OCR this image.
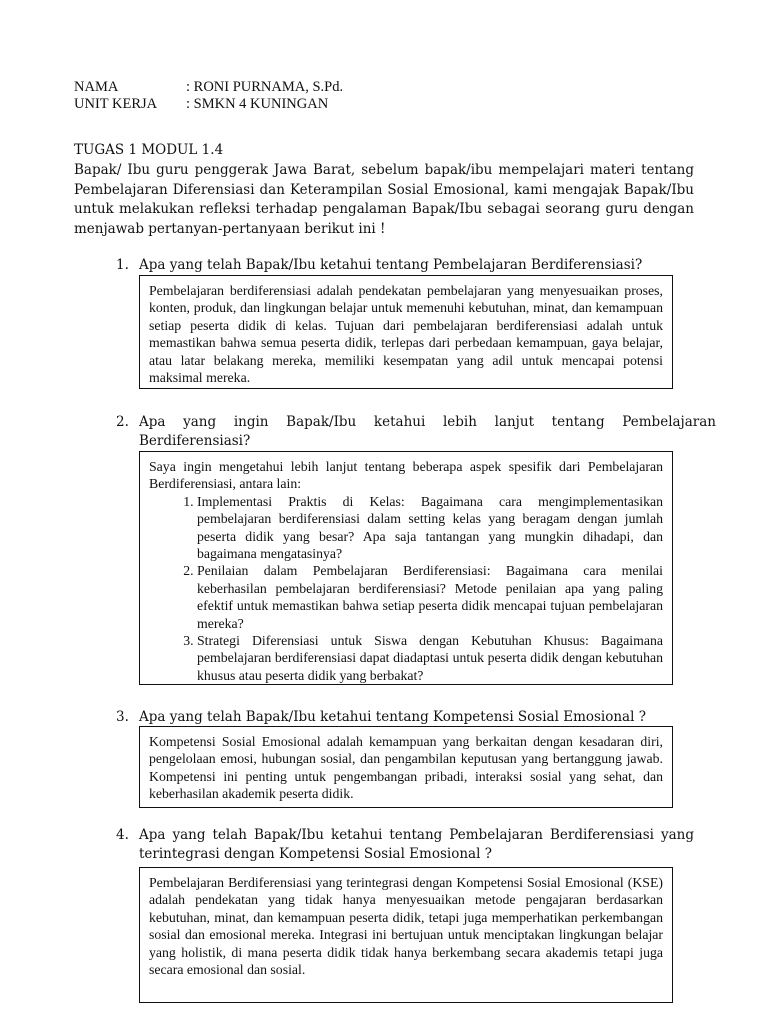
NAMA	: RONI PURNAMA, S.Pd.
UNIT KERJA : SMKN 4 KUNINGAN
TUGAS 1 MODUL 1.4
Bapak/ Ibu guru penggerak Jawa Barat, sebelum bapak/ibu mempelajari materi tentang Pembelajaran Diferensiasi dan Keterampilan Sosial Emosional, kami mengajak Bapak/Ibu untuk melakukan refleksi terhadap pengalaman Bapak/Ibu sebagai seorang guru dengan menjawab pertanyan-pertanyaan berikut ini !
1. Apa yang telah Bapak/Ibu ketahui tentang Pembelajaran Berdiferensiasi?

Pembelajaran berdiferensiasi adalah pendekatan pembelajaran yang menyesuaikan proses, konten, produk, dan lingkungan belajar untuk memenuhi kebutuhan, minat, dan kemampuan setiap peserta didik di kelas. Tujuan dari pembelajaran berdiferensiasi adalah untuk memastikan bahwa semua peserta didik, terlepas dari perbedaan kemampuan, gaya belajar, atau latar belakang mereka, memiliki kesempatan yang adil untuk mencapai potensi maksimal mereka.

2. Apa yang ingin Bapak/Ibu ketahui lebih lanjut tentang Pembelajaran Berdiferensiasi?

Saya ingin mengetahui lebih lanjut tentang beberapa aspek spesifik dari Pembelajaran Berdiferensiasi, antara lain:

1. Implementasi Praktis di Kelas: Bagaimana cara mengimplementasikan pembelajaran berdiferensiasi dalam setting kelas yang beragam dengan jumlah peserta didik yang besar? Apa saja tantangan yang mungkin dihadapi, dan bagaimana mengatasinya?
2. Penilaian dalam Pembelajaran Berdiferensiasi: Bagaimana cara menilai keberhasilan pembelajaran berdiferensiasi? Metode penilaian apa yang paling efektif untuk memastikan bahwa setiap peserta didik mencapai tujuan pembelajaran mereka?
3. Strategi Diferensiasi untuk Siswa dengan Kebutuhan Khusus: Bagaimana pembelajaran berdiferensiasi dapat diadaptasi untuk peserta didik dengan kebutuhan khusus atau peserta didik yang berbakat?
3. Apa yang telah Bapak/Ibu ketahui tentang Kompetensi Sosial Emosional ?

Kompetensi Sosial Emosional adalah kemampuan yang berkaitan dengan kesadaran diri, pengelolaan emosi, hubungan sosial, dan pengambilan keputusan yang bertanggung jawab. Kompetensi ini penting untuk pengembangan pribadi, interaksi sosial yang sehat, dan keberhasilan akademik peserta didik.

4. Apa yang telah Bapak/Ibu ketahui tentang Pembelajaran Berdiferensiasi yang terintegrasi dengan Kompetensi Sosial Emosional ?

Pembelajaran Berdiferensiasi yang terintegrasi dengan Kompetensi Sosial Emosional (KSE) adalah pendekatan yang tidak hanya menyesuaikan metode pengajaran berdasarkan kebutuhan, minat, dan kemampuan peserta didik, tetapi juga memperhatikan perkembangan sosial dan emosional mereka. Integrasi ini bertujuan untuk menciptakan lingkungan belajar yang holistik, di mana peserta didik tidak hanya berkembang secara akademis tetapi juga secara emosional dan sosial.
